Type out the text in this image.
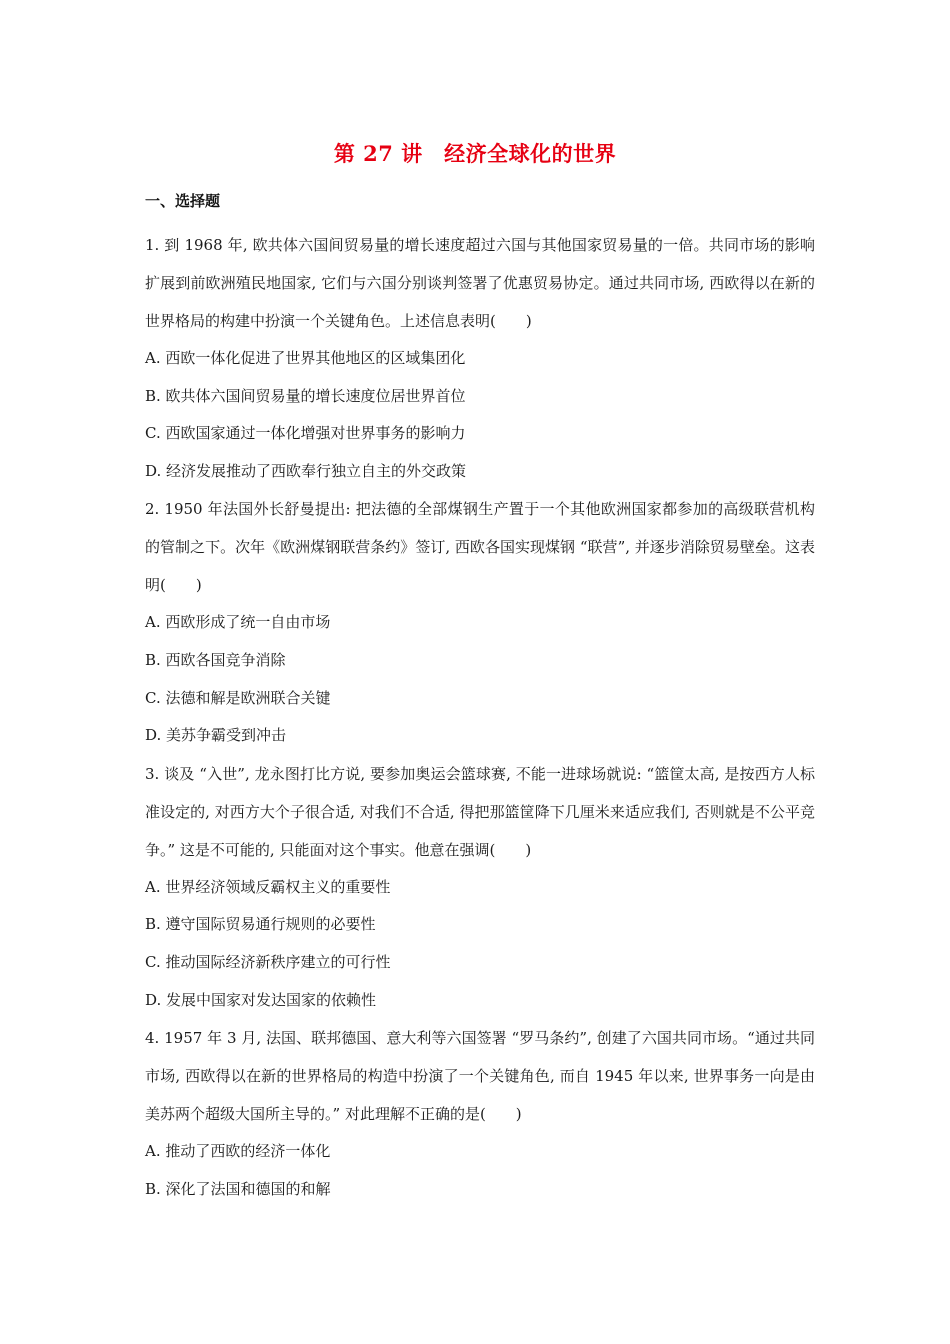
第 27 讲　经济全球化的世界
一、选择题

1. 到 1968 年, 欧共体六国间贸易量的增长速度超过六国与其他国家贸易量的一倍。共同市场的影响扩展到前欧洲殖民地国家, 它们与六国分别谈判签署了优惠贸易协定。通过共同市场, 西欧得以在新的世界格局的构建中扮演一个关键角色。上述信息表明(　　)

A. 西欧一体化促进了世界其他地区的区域集团化

B. 欧共体六国间贸易量的增长速度位居世界首位

C. 西欧国家通过一体化增强对世界事务的影响力

D. 经济发展推动了西欧奉行独立自主的外交政策

2. 1950 年法国外长舒曼提出: 把法德的全部煤钢生产置于一个其他欧洲国家都参加的高级联营机构的管制之下。次年《欧洲煤钢联营条约》签订, 西欧各国实现煤钢 “联营”, 并逐步消除贸易壁垒。这表明(　　)

A. 西欧形成了统一自由市场

B. 西欧各国竞争消除

C. 法德和解是欧洲联合关键

D. 美苏争霸受到冲击

3. 谈及 “入世”, 龙永图打比方说, 要参加奥运会篮球赛, 不能一进球场就说: “篮筐太高, 是按西方人标准设定的, 对西方大个子很合适, 对我们不合适, 得把那篮筐降下几厘米来适应我们, 否则就是不公平竞争。” 这是不可能的, 只能面对这个事实。他意在强调(　　)

A. 世界经济领域反霸权主义的重要性

B. 遵守国际贸易通行规则的必要性

C. 推动国际经济新秩序建立的可行性

D. 发展中国家对发达国家的依赖性

4. 1957 年 3 月, 法国、联邦德国、意大利等六国签署 “罗马条约”, 创建了六国共同市场。“通过共同市场, 西欧得以在新的世界格局的构造中扮演了一个关键角色, 而自 1945 年以来, 世界事务一向是由美苏两个超级大国所主导的。” 对此理解不正确的是(　　)

A. 推动了西欧的经济一体化

B. 深化了法国和德国的和解
